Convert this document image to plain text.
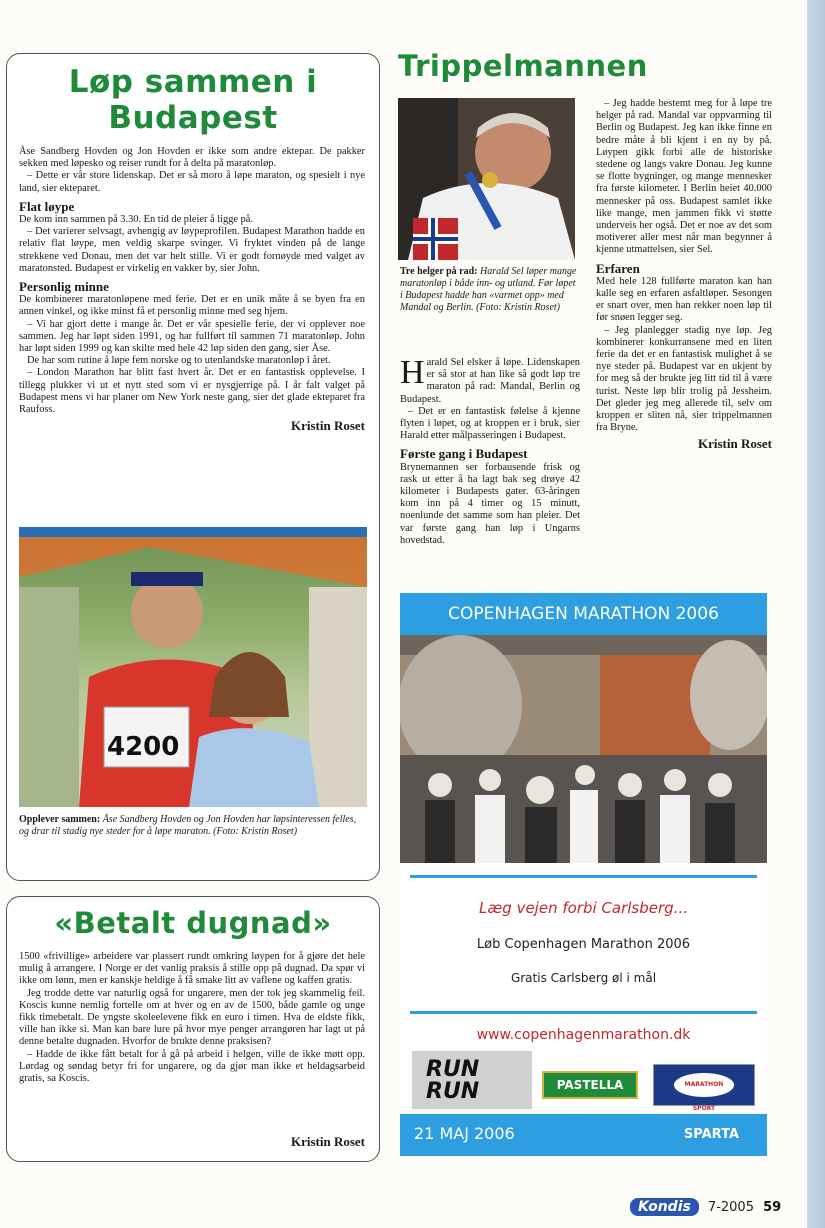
Løp sammen i
Budapest

Åse Sandberg Hovden og Jon Hovden er ikke som andre ektepar. De pakker sekken med løpesko og reiser rundt for å delta på maratonløp.

– Dette er vår store lidenskap. Det er så moro å løpe maraton, og spesielt i nye land, sier ekteparet.

Flat løype

De kom inn sammen på 3.30. En tid de pleier å ligge på.

– Det varierer selvsagt, avhengig av løypeprofilen. Budapest Marathon hadde en relativ flat løype, men veldig skarpe svinger. Vi fryktet vinden på de lange strekkene ved Donau, men det var helt stille. Vi er godt fornøyde med valget av maratonsted. Budapest er virkelig en vakker by, sier John.

Personlig minne

De kombinerer maratonløpene med ferie. Det er en unik måte å se byen fra en annen vinkel, og ikke minst få et personlig minne med seg hjem.

– Vi har gjort dette i mange år. Det er vår spesielle ferie, der vi opplever noe sammen. Jeg har løpt siden 1991, og har fullført til sammen 71 maratonløp. John har løpt siden 1999 og kan skilte med hele 42 løp siden den gang, sier Åse.

De har som rutine å løpe fem norske og to utenlandske maratonløp i året.

– London Marathon har blitt fast hvert år. Det er en fantastisk opplevelse. I tillegg plukker vi ut et nytt sted som vi er nysgjerrige på. I år falt valget på Budapest mens vi har planer om New York neste gang, sier det glade ekteparet fra Raufoss.

Kristin Roset
4200
Opplever sammen: Åse Sandberg Hovden og Jon Hovden har løpsinteressen felles, og drar til stadig nye steder for å løpe maraton. (Foto: Kristin Roset)
«Betalt dugnad»

1500 «frivillige» arbeidere var plassert rundt omkring løypen for å gjøre det hele mulig å arrangere. I Norge er det vanlig praksis å stille opp på dugnad. Da spør vi ikke om lønn, men er kanskje heldige å få smake litt av vaflene og kaffen gratis.

Jeg trodde dette var naturlig også for ungarere, men der tok jeg skammelig feil. Koscis kunne nemlig fortelle om at hver og en av de 1500, både gamle og unge fikk timebetalt. De yngste skoleelevene fikk en euro i timen. Hva de eldste fikk, ville han ikke si. Man kan bare lure på hvor mye penger arrangøren har lagt ut på denne betalte dugnaden. Hvorfor de brukte denne praksisen?

– Hadde de ikke fått betalt for å gå på arbeid i helgen, ville de ikke møtt opp. Lørdag og søndag betyr fri for ungarere, og da gjør man ikke et heldagsarbeid gratis, sa Koscis.

Kristin Roset
Trippelmannen
Tre helger på rad: Harald Sel løper mange maratonløp i både inn- og utland. Før løpet i Budapest hadde han «varmet opp» med Mandal og Berlin. (Foto: Kristin Roset)

Harald Sel elsker å løpe. Lidenskapen er så stor at han like så godt løp tre maraton på rad: Mandal, Berlin og Budapest.

– Det er en fantastisk følelse å kjenne flyten i løpet, og at kroppen er i bruk, sier Harald etter målpasseringen i Budapest.

Første gang i Budapest

Brynemannen ser forbausende frisk og rask ut etter å ha lagt bak seg drøye 42 kilometer i Budapests gater. 63-åringen kom inn på 4 timer og 15 minutt, noenlunde det samme som han pleier. Det var første gang han løp i Ungarns hovedstad.

– Jeg hadde bestemt meg for å løpe tre helger på rad. Mandal var oppvarming til Berlin og Budapest. Jeg kan ikke finne en bedre måte å bli kjent i en ny by på. Løypen gikk forbi alle de historiske stedene og langs vakre Donau. Jeg kunne se flotte bygninger, og mange mennesker fra første kilometer. I Berlin heiet 40.000 mennesker på oss. Budapest samlet ikke like mange, men jammen fikk vi støtte underveis her også. Det er noe av det som motiverer aller mest når man begynner å kjenne utmattelsen, sier Sel.

Erfaren

Med hele 128 fullførte maraton kan han kalle seg en erfaren asfaltløper. Sesongen er snart over, men han rekker noen løp til før snøen legger seg.

– Jeg planlegger stadig nye løp. Jeg kombinerer konkurransene med en liten ferie da det er en fantastisk mulighet å se nye steder på. Budapest var en ukjent by for meg så der brukte jeg litt tid til å være turist. Neste løp blir trolig på Jessheim. Det gleder jeg meg allerede til, selv om kroppen er sliten nå, sier trippelmannen fra Bryne.

Kristin Roset
COPENHAGEN MARATHON 2006
Læg vejen forbi Carlsberg...
Løb Copenhagen Marathon 2006
Gratis Carlsberg øl i mål
www.copenhagenmarathon.dk
RUN
RUN	PASTELLA	MARATHON SPORT
21 MAJ 2006	SPARTA
Kondis 7-2005 59
